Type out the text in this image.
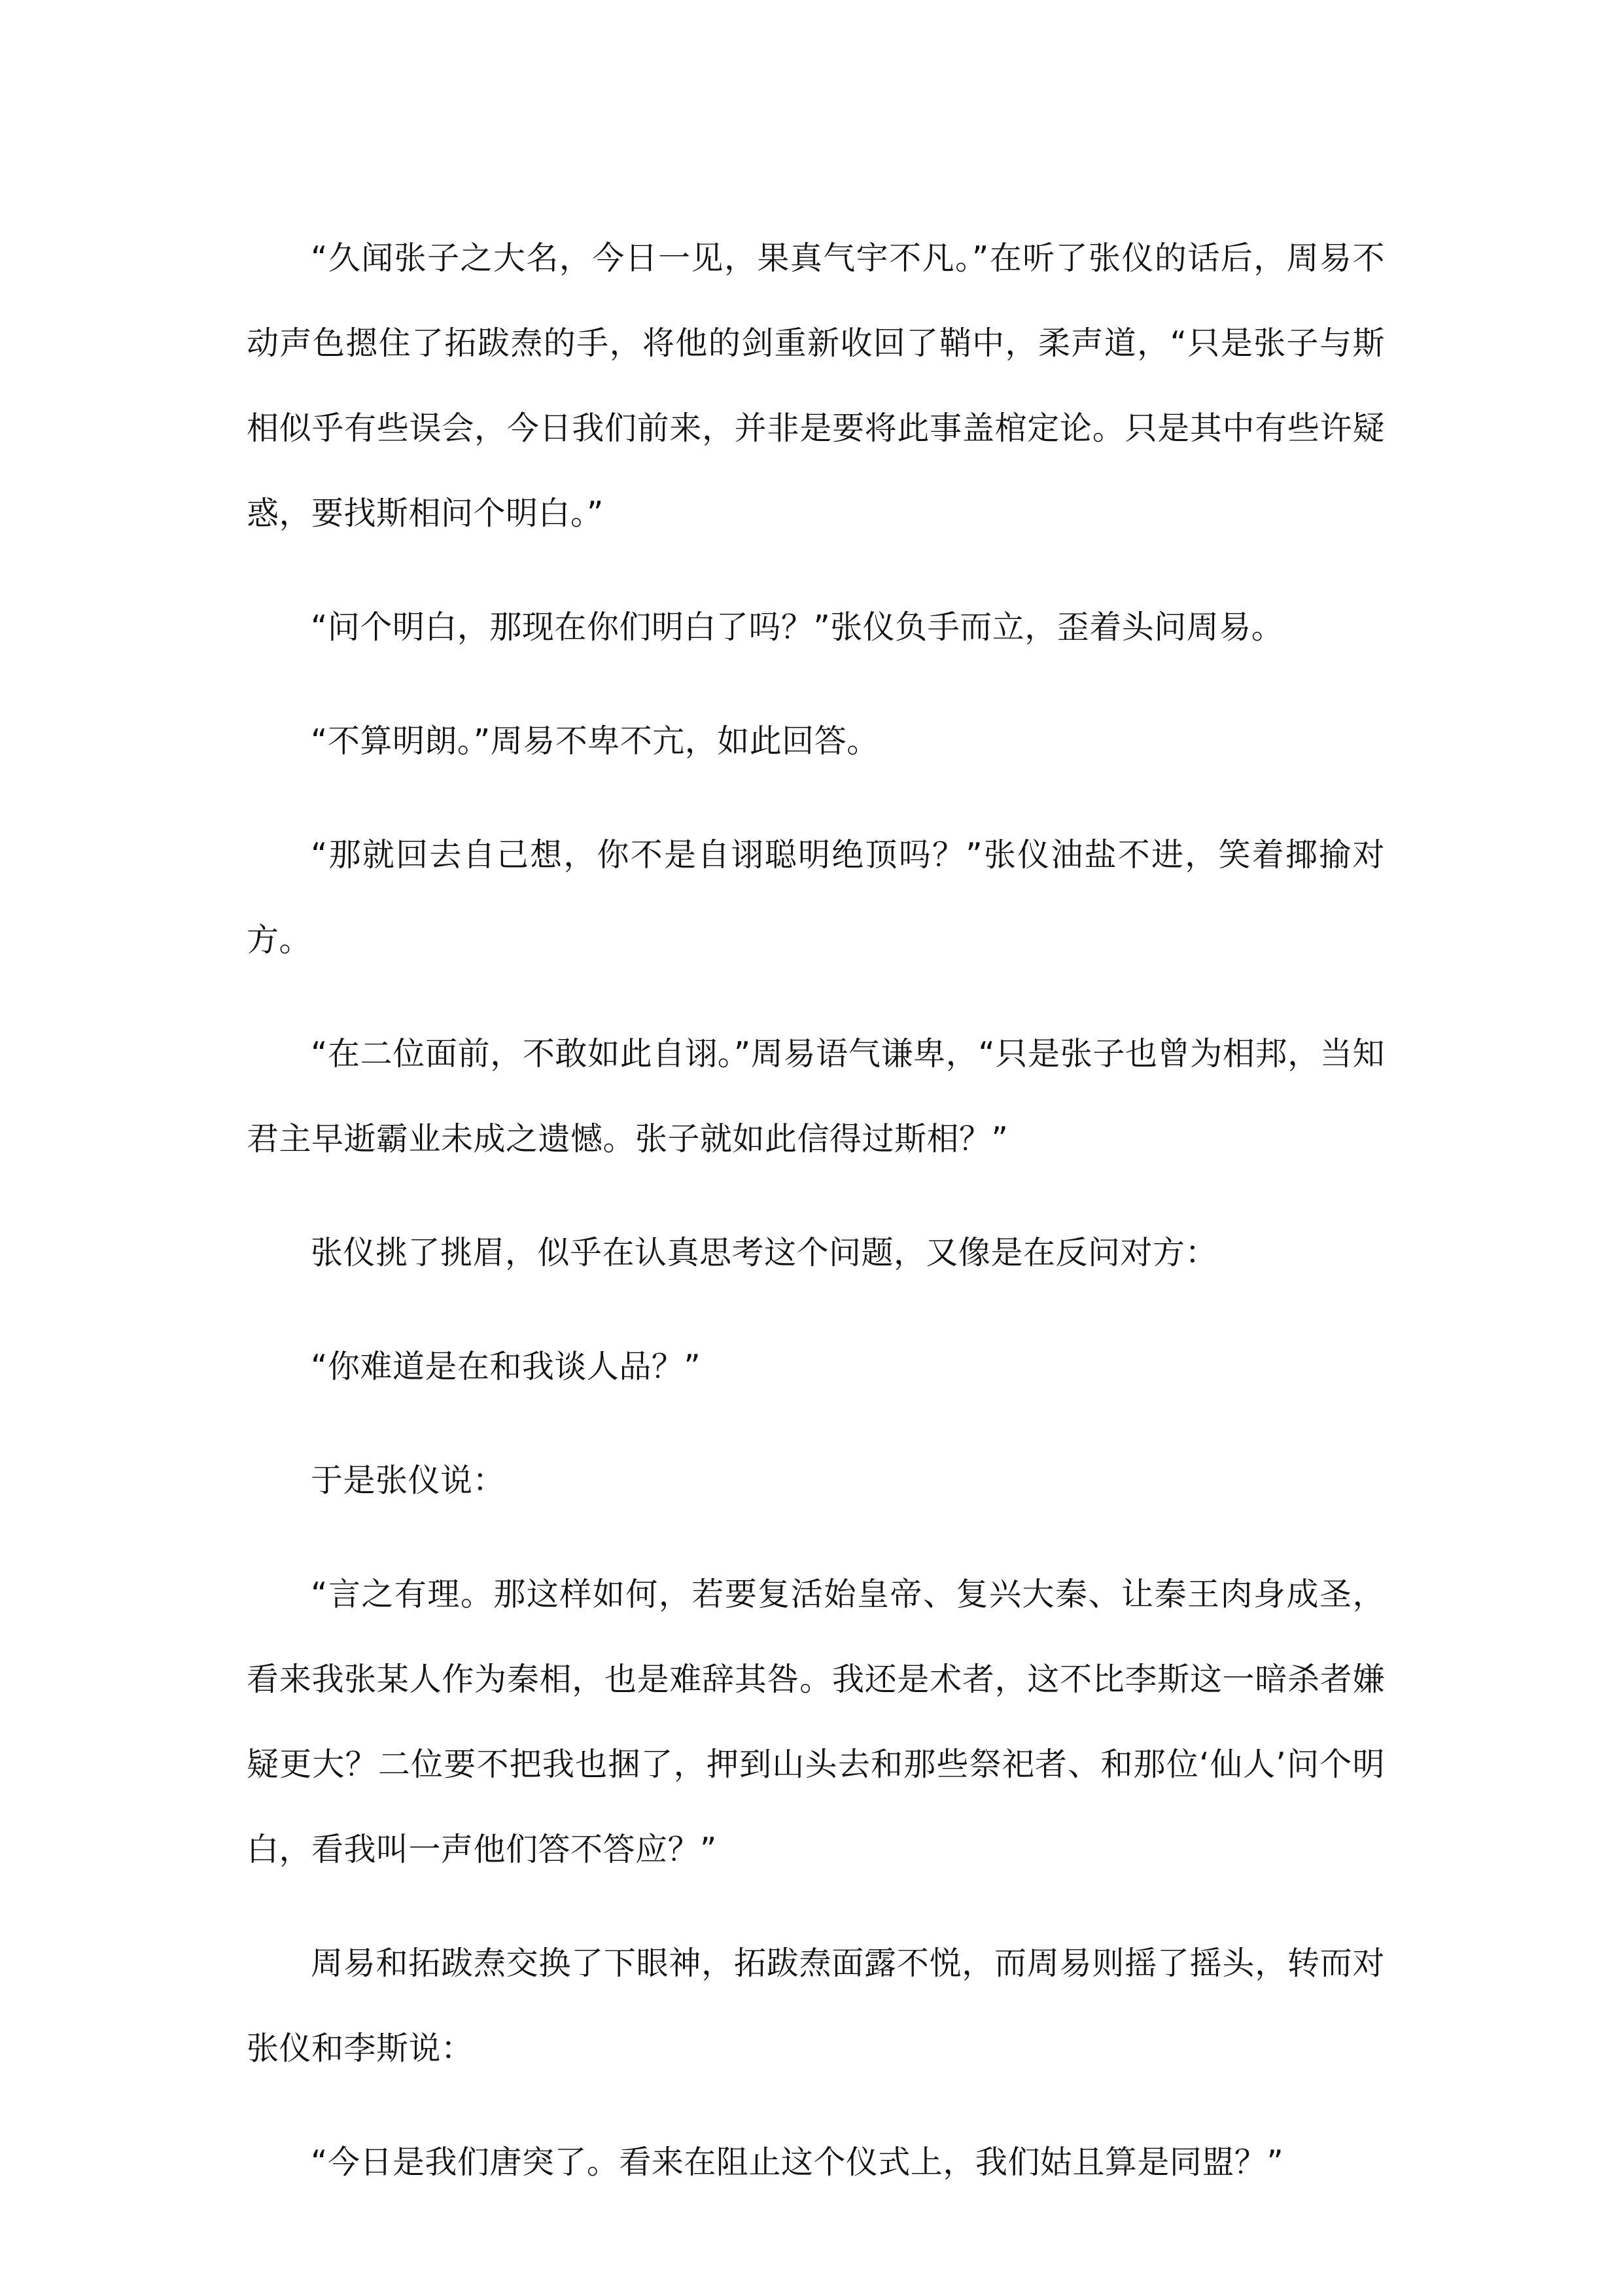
“久闻张子之大名，今日一见，果真气宇不凡。”在听了张仪的话后，周易不动声色摁住了拓跋焘的手，将他的剑重新收回了鞘中，柔声道，“只是张子与斯相似乎有些误会，今日我们前来，并非是要将此事盖棺定论。只是其中有些许疑惑，要找斯相问个明白。”

“问个明白，那现在你们明白了吗？”张仪负手而立，歪着头问周易。

“不算明朗。”周易不卑不亢，如此回答。

“那就回去自己想，你不是自诩聪明绝顶吗？”张仪油盐不进，笑着揶揄对方。

“在二位面前，不敢如此自诩。”周易语气谦卑，“只是张子也曾为相邦，当知君主早逝霸业未成之遗憾。张子就如此信得过斯相？”

张仪挑了挑眉，似乎在认真思考这个问题，又像是在反问对方：

“你难道是在和我谈人品？”

于是张仪说：

“言之有理。那这样如何，若要复活始皇帝、复兴大秦、让秦王肉身成圣，看来我张某人作为秦相，也是难辞其咎。我还是术者，这不比李斯这一暗杀者嫌疑更大？二位要不把我也捆了，押到山头去和那些祭祀者、和那位‘仙人’问个明白，看我叫一声他们答不答应？”

周易和拓跋焘交换了下眼神，拓跋焘面露不悦，而周易则摇了摇头，转而对张仪和李斯说：

“今日是我们唐突了。看来在阻止这个仪式上，我们姑且算是同盟？”
